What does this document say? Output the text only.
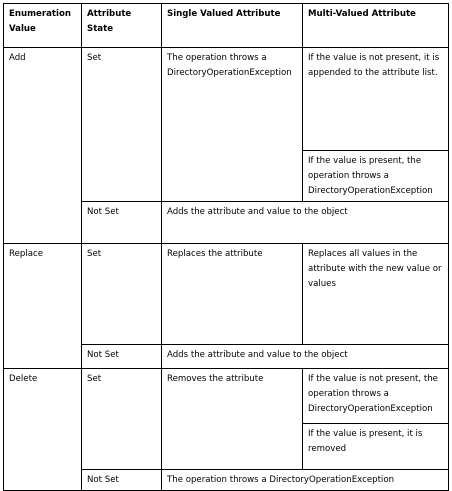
Enumeration Value	Attribute State	Single Valued Attribute	Multi-Valued Attribute

Add	Set	The operation throws a DirectoryOperationException	If the value is not present, it is appended to the attribute list.

			If the value is present, the operation throws a DirectoryOperationException

	Not Set	Adds the attribute and value to the object	

Replace	Set	Replaces the attribute	Replaces all values in the attribute with the new value or values

	Not Set	Adds the attribute and value to the object	

Delete	Set	Removes the attribute	If the value is not present, the operation throws a DirectoryOperationException

			If the value is present, it is removed

	Not Set	The operation throws a DirectoryOperationException	
